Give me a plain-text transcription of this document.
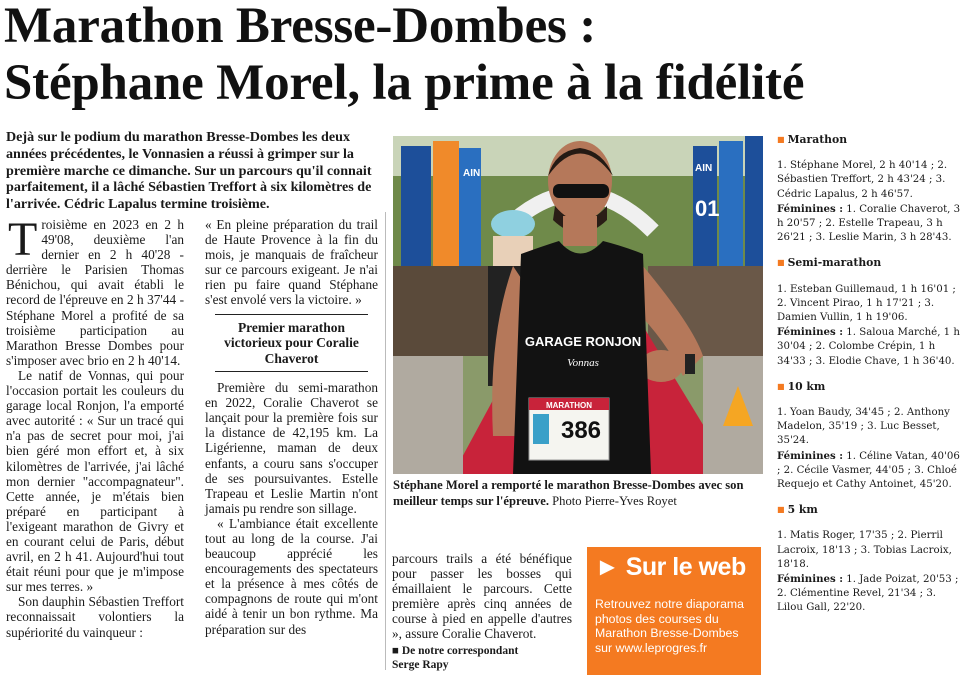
Marathon Bresse-Dombes :
Stéphane Morel, la prime à la fidélité

Dejà sur le podium du marathon Bresse-Dombes les deux années précédentes, le Vonnasien a réussi à grimper sur la première marche ce dimanche. Sur un parcours qu'il connait parfaitement, il a lâché Sébastien Treffort à six kilomètres de l'arrivée. Cédric Lapalus termine troisième.

Troisième en 2023 en 2 h 49'08, deuxième l'an dernier en 2 h 40'28 - derrière le Parisien Thomas Bénichou, qui avait établi le record de l'épreuve en 2 h 37'44 - Stéphane Morel a profité de sa troisième participation au Marathon Bresse Dombes pour s'imposer avec brio en 2 h 40'14.

Le natif de Vonnas, qui pour l'occasion portait les couleurs du garage local Ronjon, l'a emporté avec autorité : « Sur un tracé qui n'a pas de secret pour moi, j'ai bien géré mon effort et, à six kilomètres de l'arrivée, j'ai lâché mon dernier "accompagnateur". Cette année, je m'étais bien préparé en participant à l'exigeant marathon de Givry et en courant celui de Paris, début avril, en 2 h 41. Aujourd'hui tout était réuni pour que je m'impose sur mes terres. »

Son dauphin Sébastien Treffort reconnaissait volontiers la supériorité du vainqueur :

« En pleine préparation du trail de Haute Provence à la fin du mois, je manquais de fraîcheur sur ce parcours exigeant. Je n'ai rien pu faire quand Stéphane s'est envolé vers la victoire. »

Premier marathon victorieux pour Coralie Chaverot

Première du semi-marathon en 2022, Coralie Chaverot se lançait pour la première fois sur la distance de 42,195 km. La Ligérienne, maman de deux enfants, a couru sans s'occuper de ses poursuivantes. Estelle Trapeau et Leslie Martin n'ont jamais pu rendre son sillage.

« L'ambiance était excellente tout au long de la course. J'ai beaucoup apprécié les encouragements des spectateurs et la présence à mes côtés de compagnons de route qui m'ont aidé à tenir un bon rythme. Ma préparation sur des

AIN	AIN
01
GARAGE RONJON
Vonnas
MARATHON
386

Stéphane Morel a remporté le marathon Bresse-Dombes avec son meilleur temps sur l'épreuve. Photo Pierre-Yves Royet

parcours trails a été bénéfique pour passer les bosses qui émaillaient le parcours. Cette première après cinq années de course à pied en appelle d'autres », assure Coralie Chaverot.

■ De notre correspondant
Serge Rapy
► Sur le web

Retrouvez notre diaporama photos des courses du Marathon Bresse-Dombes sur www.leprogres.fr

■ Marathon

1. Stéphane Morel, 2 h 40'14 ; 2. Sébastien Treffort, 2 h 43'24 ; 3. Cédric Lapalus, 2 h 46'57.

Féminines : 1. Coralie Chaverot, 3 h 20'57 ; 2. Estelle Trapeau, 3 h 26'21 ; 3. Leslie Marin, 3 h 28'43.

■ Semi-marathon

1. Esteban Guillemaud, 1 h 16'01 ; 2. Vincent Pirao, 1 h 17'21 ; 3. Damien Vullin, 1 h 19'06.

Féminines : 1. Saloua Marché, 1 h 30'04 ; 2. Colombe Crépin, 1 h 34'33 ; 3. Elodie Chave, 1 h 36'40.

■ 10 km

1. Yoan Baudy, 34'45 ; 2. Anthony Madelon, 35'19 ; 3. Luc Besset, 35'24.

Féminines : 1. Céline Vatan, 40'06 ; 2. Cécile Vasmer, 44'05 ; 3. Chloé Requejo et Cathy Antoinet, 45'20.

■ 5 km

1. Matis Roger, 17'35 ; 2. Pierril Lacroix, 18'13 ; 3. Tobias Lacroix, 18'18.

Féminines : 1. Jade Poizat, 20'53 ; 2. Clémentine Revel, 21'34 ; 3. Lilou Gall, 22'20.
